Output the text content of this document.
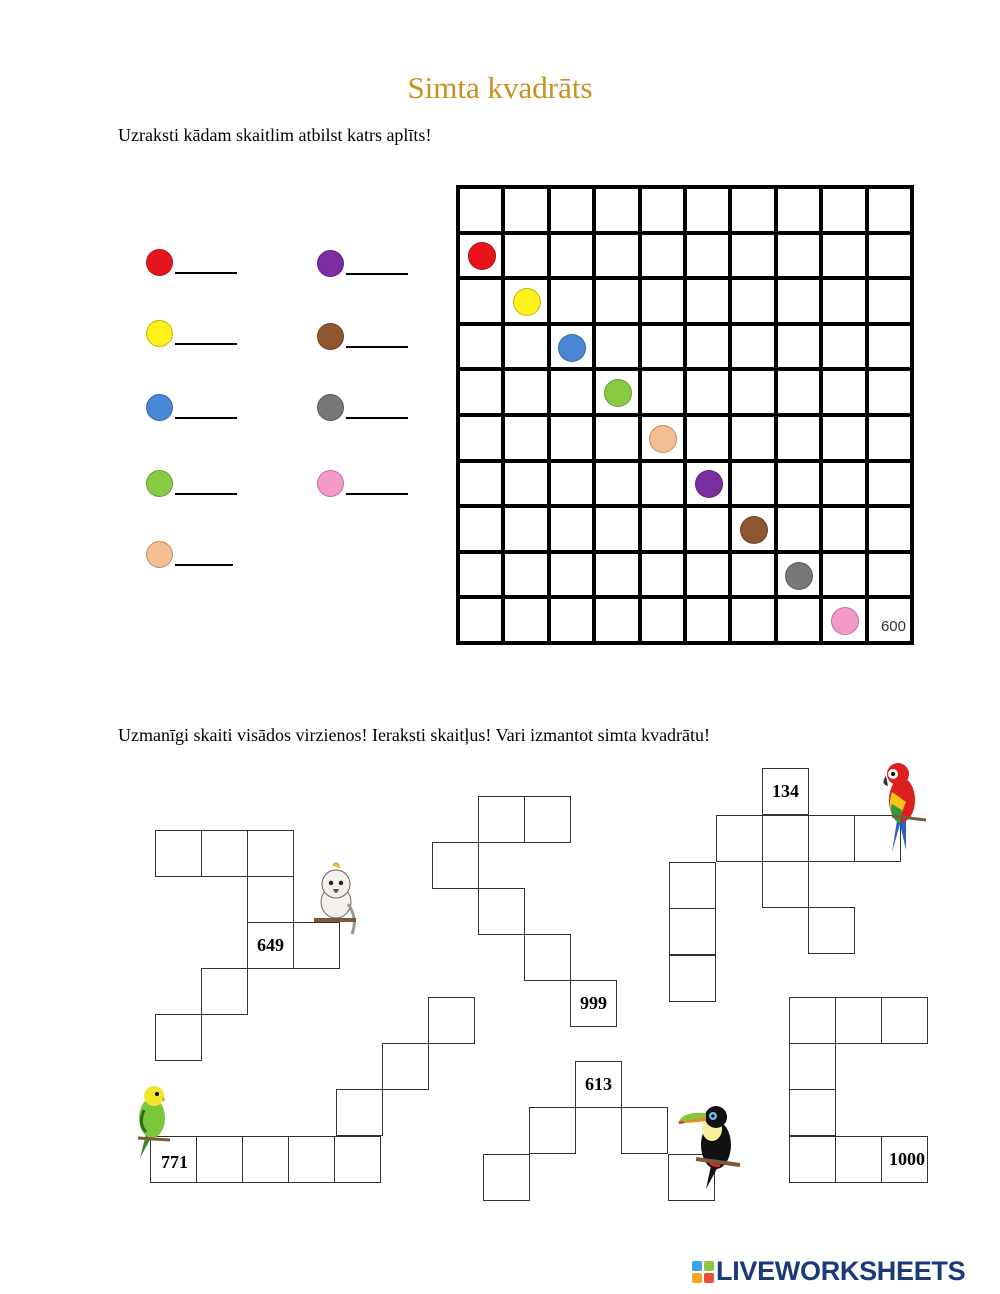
Simta kvadrāts
Uzraksti kādam skaitlim atbilst katrs aplīts!
600
Uzmanīgi skaiti visādos virzienos! Ieraksti skaitļus! Vari izmantot simta kvadrātu!
649
999
134
771
613
1000
LIVEWORKSHEETS
